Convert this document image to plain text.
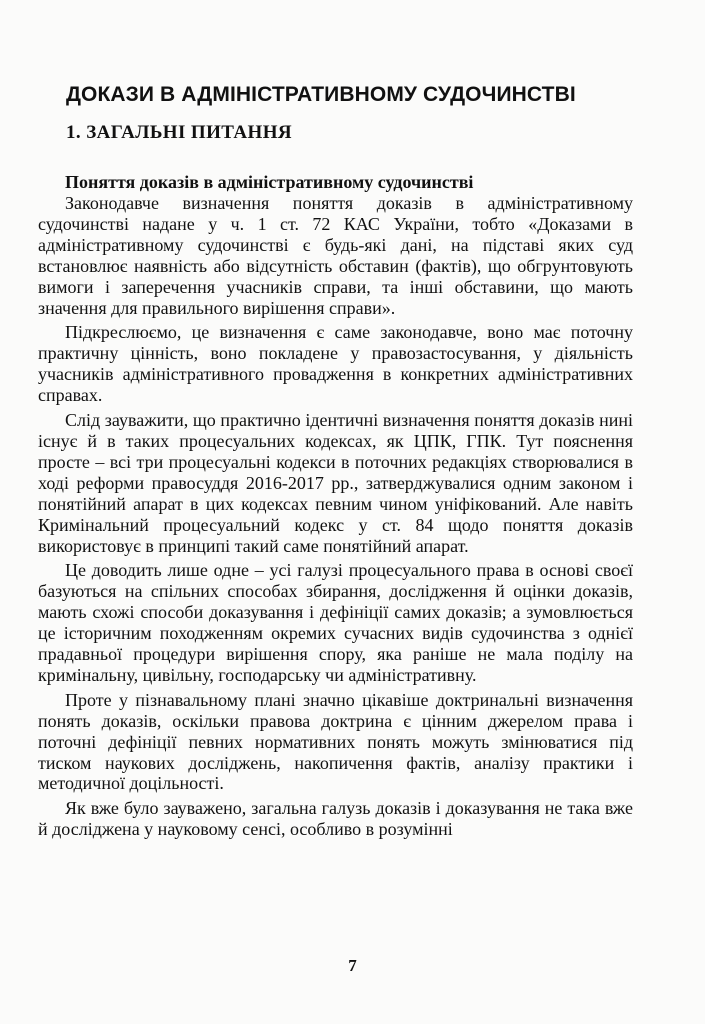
ДОКАЗИ В АДМІНІСТРАТИВНОМУ СУДОЧИНСТВІ
1. ЗАГАЛЬНІ ПИТАННЯ
Поняття доказів в адміністративному судочинстві

Законодавче визначення поняття доказів в адміністративному судочинстві надане у ч. 1 ст. 72 КАС України, тобто «Доказами в адміністративному судочинстві є будь-які дані, на підставі яких суд встановлює наявність або відсутність обставин (фактів), що обгрунтовують вимоги і заперечення учасників справи, та інші обставини, що мають значення для правильного вирішення справи».

Підкреслюємо, це визначення є саме законодавче, воно має поточну практичну цінність, воно покладене у правозастосування, у діяльність учасників адміністративного провадження в конкретних адміністративних справах.

Слід зауважити, що практично ідентичні визначення поняття доказів нині існує й в таких процесуальних кодексах, як ЦПК, ГПК. Тут пояснення просте – всі три процесуальні кодекси в поточних редакціях створювалися в ході реформи правосуддя 2016-2017 рр., затверджувалися одним законом і понятійний апарат в цих кодексах певним чином уніфікований. Але навіть Кримінальний процесуальний кодекс у ст. 84 щодо поняття доказів використовує в принципі такий саме понятійний апарат.

Це доводить лише одне – усі галузі процесуального права в основі своєї базуються на спільних способах збирання, дослідження й оцінки доказів, мають схожі способи доказування і дефініції самих доказів; а зумовлюється це історичним походженням окремих сучасних видів судочинства з однієї прадавньої процедури вирішення спору, яка раніше не мала поділу на кримінальну, цивільну, господарську чи адміністративну.

Проте у пізнавальному плані значно цікавіше доктринальні визначення понять доказів, оскільки правова доктрина є цінним джерелом права і поточні дефініції певних нормативних понять можуть змінюватися під тиском наукових досліджень, накопичення фактів, аналізу практики і методичної доцільності.

Як вже було зауважено, загальна галузь доказів і доказування не така вже й досліджена у науковому сенсі, особливо в розумінні

7
